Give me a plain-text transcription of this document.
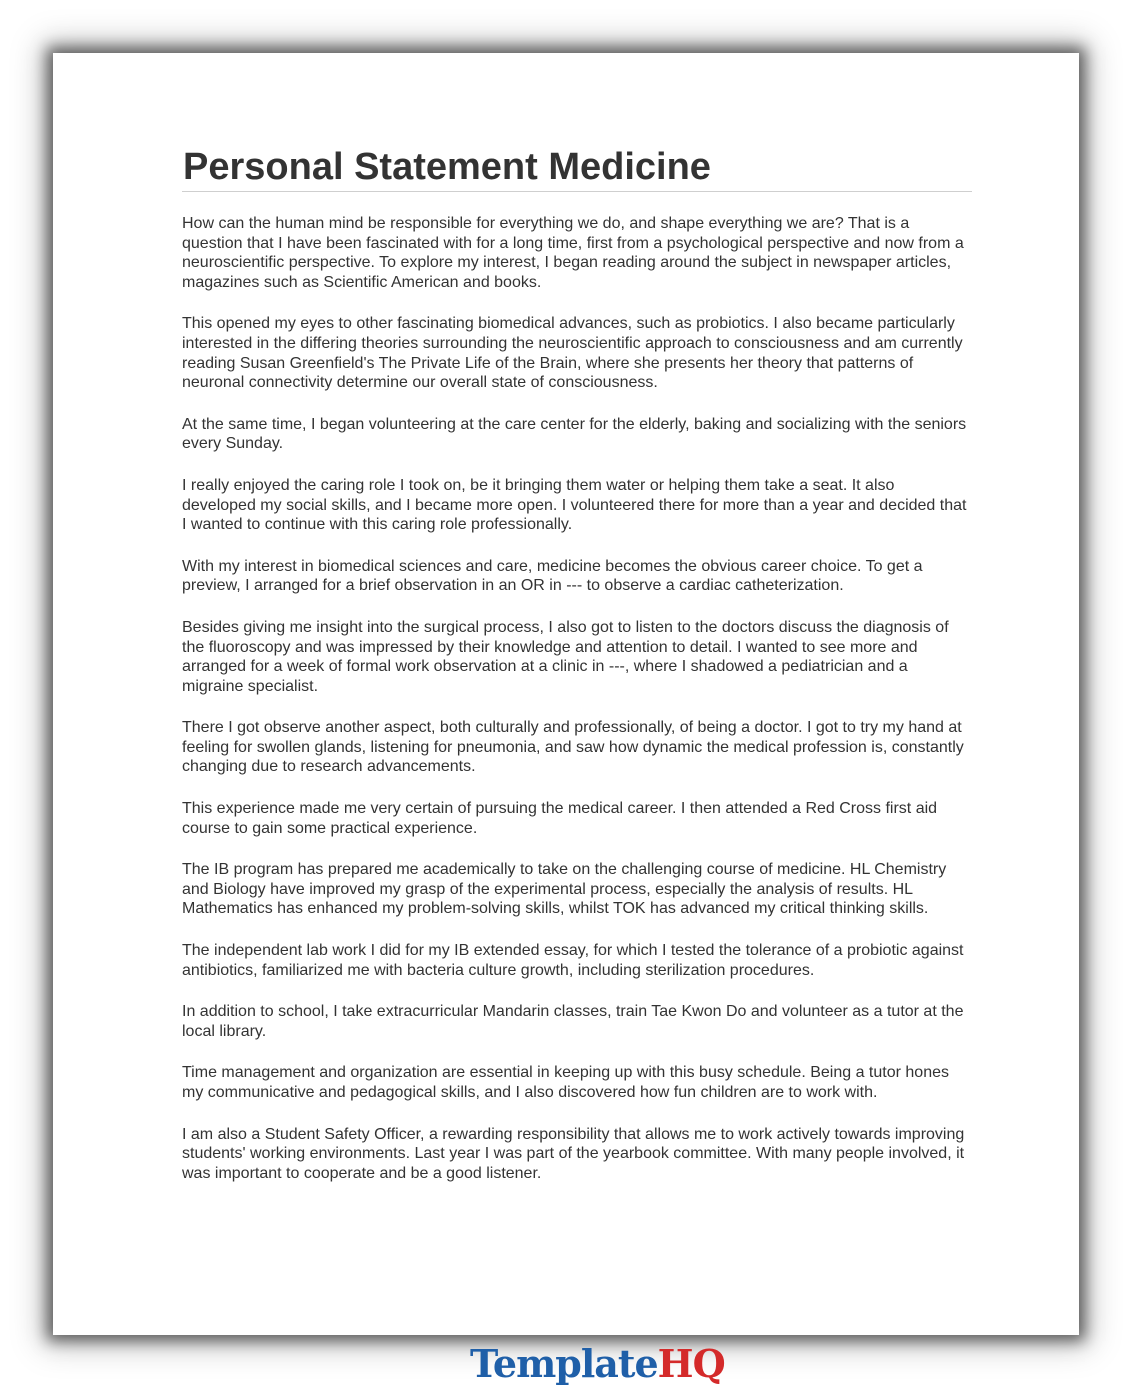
Personal Statement Medicine

How can the human mind be responsible for everything we do, and shape everything we are? That is a question that I have been fascinated with for a long time, first from a psychological perspective and now from a neuroscientific perspective. To explore my interest, I began reading around the subject in newspaper articles, magazines such as Scientific American and books.

This opened my eyes to other fascinating biomedical advances, such as probiotics. I also became particularly interested in the differing theories surrounding the neuroscientific approach to consciousness and am currently reading Susan Greenfield's The Private Life of the Brain, where she presents her theory that patterns of neuronal connectivity determine our overall state of consciousness.

At the same time, I began volunteering at the care center for the elderly, baking and socializing with the seniors every Sunday.

I really enjoyed the caring role I took on, be it bringing them water or helping them take a seat. It also developed my social skills, and I became more open. I volunteered there for more than a year and decided that I wanted to continue with this caring role professionally.

With my interest in biomedical sciences and care, medicine becomes the obvious career choice. To get a preview, I arranged for a brief observation in an OR in --- to observe a cardiac catheterization.

Besides giving me insight into the surgical process, I also got to listen to the doctors discuss the diagnosis of the fluoroscopy and was impressed by their knowledge and attention to detail. I wanted to see more and arranged for a week of formal work observation at a clinic in ---, where I shadowed a pediatrician and a migraine specialist.

There I got observe another aspect, both culturally and professionally, of being a doctor. I got to try my hand at feeling for swollen glands, listening for pneumonia, and saw how dynamic the medical profession is, constantly changing due to research advancements.

This experience made me very certain of pursuing the medical career. I then attended a Red Cross first aid course to gain some practical experience.

The IB program has prepared me academically to take on the challenging course of medicine. HL Chemistry and Biology have improved my grasp of the experimental process, especially the analysis of results. HL Mathematics has enhanced my problem-solving skills, whilst TOK has advanced my critical thinking skills.

The independent lab work I did for my IB extended essay, for which I tested the tolerance of a probiotic against antibiotics, familiarized me with bacteria culture growth, including sterilization procedures.

In addition to school, I take extracurricular Mandarin classes, train Tae Kwon Do and volunteer as a tutor at the local library.

Time management and organization are essential in keeping up with this busy schedule. Being a tutor hones my communicative and pedagogical skills, and I also discovered how fun children are to work with.

I am also a Student Safety Officer, a rewarding responsibility that allows me to work actively towards improving students' working environments. Last year I was part of the yearbook committee. With many people involved, it was important to cooperate and be a good listener.

TemplateHQ
